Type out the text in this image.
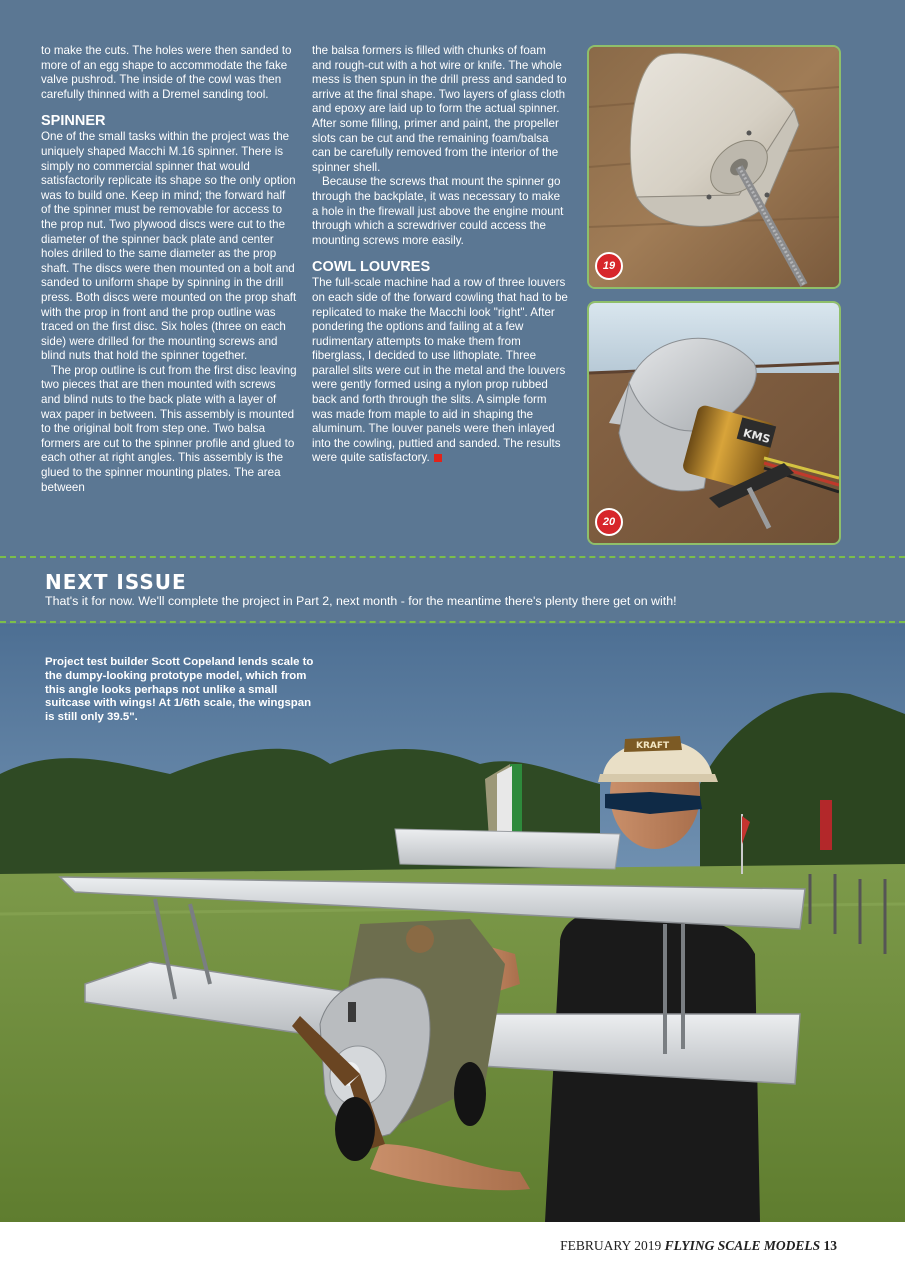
to make the cuts. The holes were then sanded to more of an egg shape to accommodate the fake valve pushrod. The inside of the cowl was then carefully thinned with a Dremel sanding tool.

SPINNER

One of the small tasks within the project was the uniquely shaped Macchi M.16 spinner. There is simply no commercial spinner that would satisfactorily replicate its shape so the only option was to build one. Keep in mind; the forward half of the spinner must be removable for access to the prop nut. Two plywood discs were cut to the diameter of the spinner back plate and center holes drilled to the same diameter as the prop shaft. The discs were then mounted on a bolt and sanded to uniform shape by spinning in the drill press. Both discs were mounted on the prop shaft with the prop in front and the prop outline was traced on the first disc. Six holes (three on each side) were drilled for the mounting screws and blind nuts that hold the spinner together.

The prop outline is cut from the first disc leaving two pieces that are then mounted with screws and blind nuts to the back plate with a layer of wax paper in between. This assembly is mounted to the original bolt from step one. Two balsa formers are cut to the spinner profile and glued to each other at right angles. This assembly is the glued to the spinner mounting plates. The area between

the balsa formers is filled with chunks of foam and rough-cut with a hot wire or knife. The whole mess is then spun in the drill press and sanded to arrive at the final shape. Two layers of glass cloth and epoxy are laid up to form the actual spinner. After some filling, primer and paint, the propeller slots can be cut and the remaining foam/balsa can be carefully removed from the interior of the spinner shell.

Because the screws that mount the spinner go through the backplate, it was necessary to make a hole in the firewall just above the engine mount through which a screwdriver could access the mounting screws more easily.

COWL LOUVRES

The full-scale machine had a row of three louvers on each side of the forward cowling that had to be replicated to make the Macchi look "right". After pondering the options and failing at a few rudimentary attempts to make them from fiberglass, I decided to use lithoplate. Three parallel slits were cut in the metal and the louvers were gently formed using a nylon prop rubbed back and forth through the slits. A simple form was made from maple to aid in shaping the aluminum. The louver panels were then inlayed into the cowling, puttied and sanded. The results were quite satisfactory.

19
KMS
20
NEXT ISSUE
That's it for now. We'll complete the project in Part 2, next month - for the meantime there's plenty there get on with!
KRAFT
Project test builder Scott Copeland lends scale to the dumpy-looking prototype model, which from this angle looks perhaps not unlike a small suitcase with wings! At 1/6th scale, the wingspan is still only 39.5".
FEBRUARY 2019 FLYING SCALE MODELS 13
